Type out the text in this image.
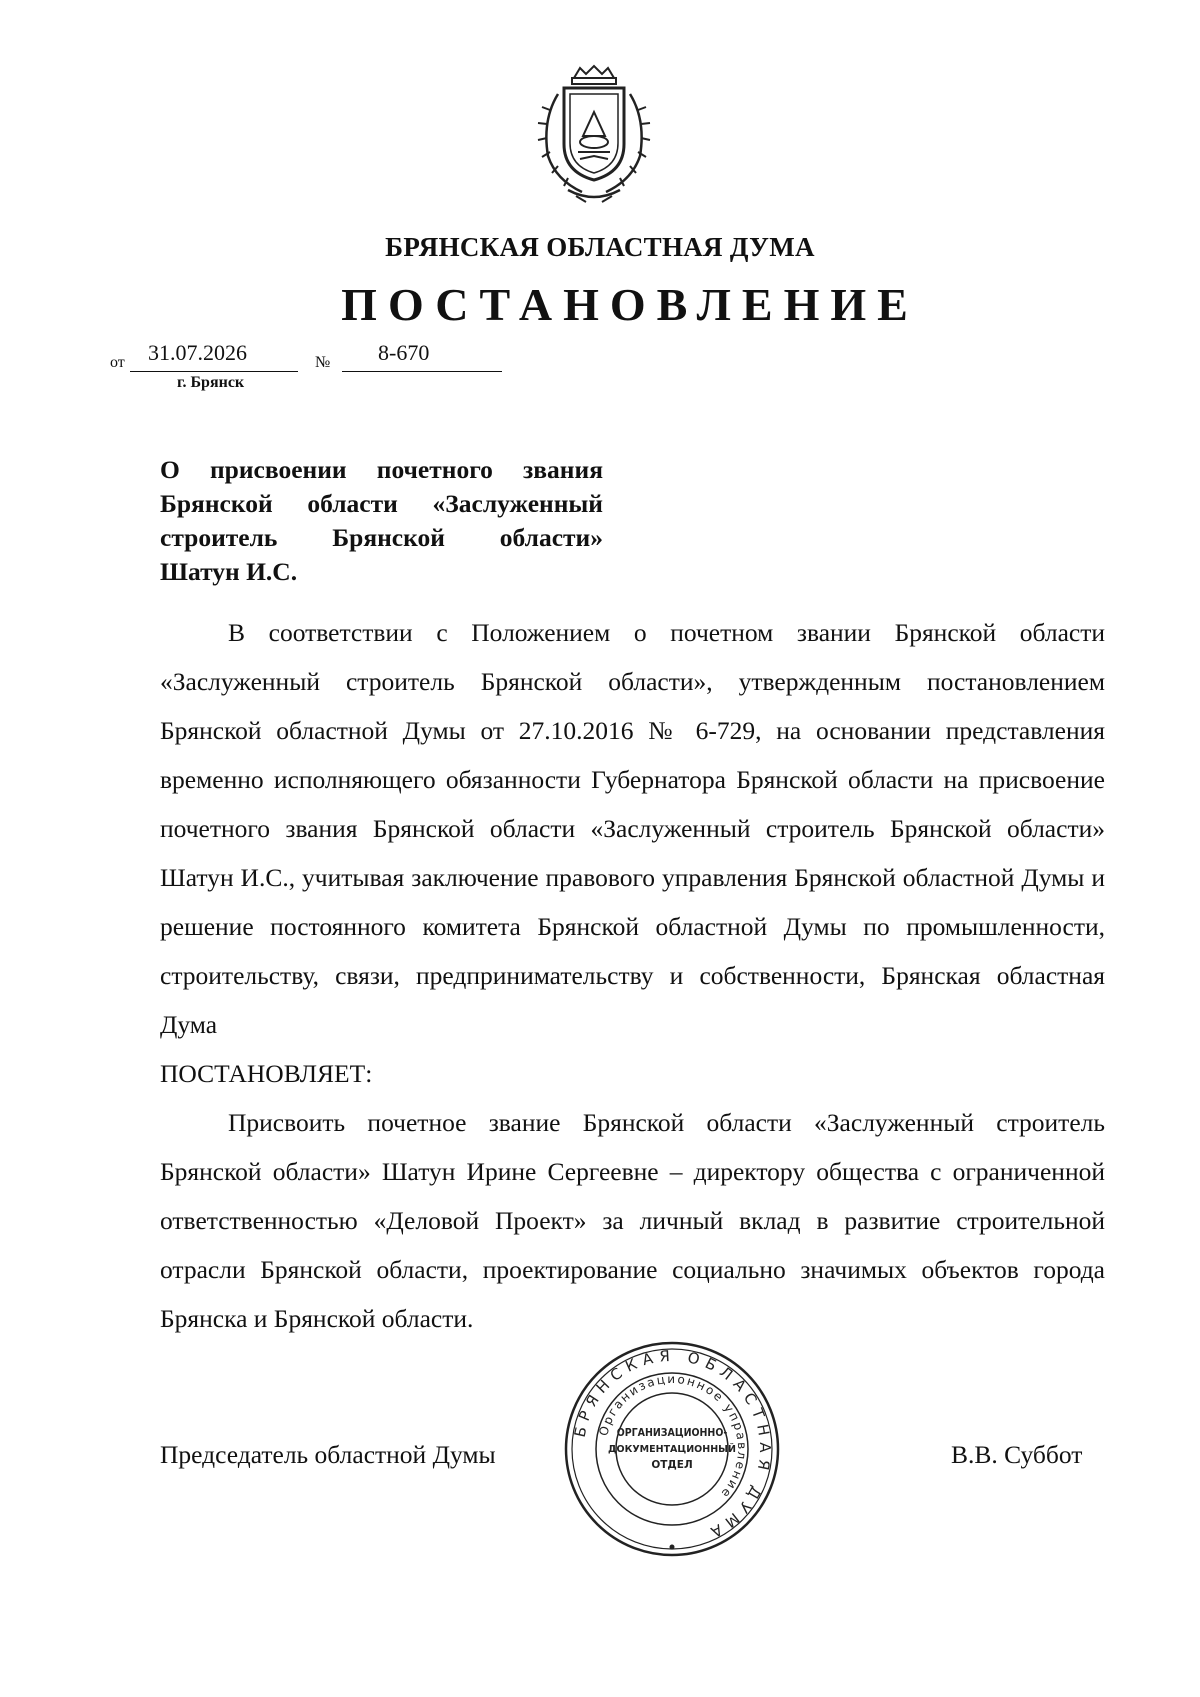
БРЯНСКАЯ ОБЛАСТНАЯ ДУМА
ПОСТАНОВЛЕНИЕ
от	31.07.2026	№	8-670
г. Брянск
О присвоении почетного звания
Брянской области «Заслуженный
строитель Брянской области»
Шатун И.С.

В соответствии с Положением о почетном звании Брянской области «Заслуженный строитель Брянской области», утвержденным постановлением Брянской областной Думы от 27.10.2016 № 6-729, на основании представления временно исполняющего обязанности Губернатора Брянской области на присвоение почетного звания Брянской области «Заслуженный строитель Брянской области» Шатун И.С., учитывая заключение правового управления Брянской областной Думы и решение постоянного комитета Брянской областной Думы по промышленности, строительству, связи, предпринимательству и собственности, Брянская областная Дума

ПОСТАНОВЛЯЕТ:

Присвоить почетное звание Брянской области «Заслуженный строитель Брянской области» Шатун Ирине Сергеевне – директору общества с ограниченной ответственностью «Деловой Проект» за личный вклад в развитие строительной отрасли Брянской области, проектирование социально значимых объектов города Брянска и Брянской области.

Председатель областной Думы	В.В. Суббот
БРЯНСКАЯ ОБЛАСТНАЯ ДУМА
Организационное управление
ОРГАНИЗАЦИОННО-
ДОКУМЕНТАЦИОННЫЙ
ОТДЕЛ
